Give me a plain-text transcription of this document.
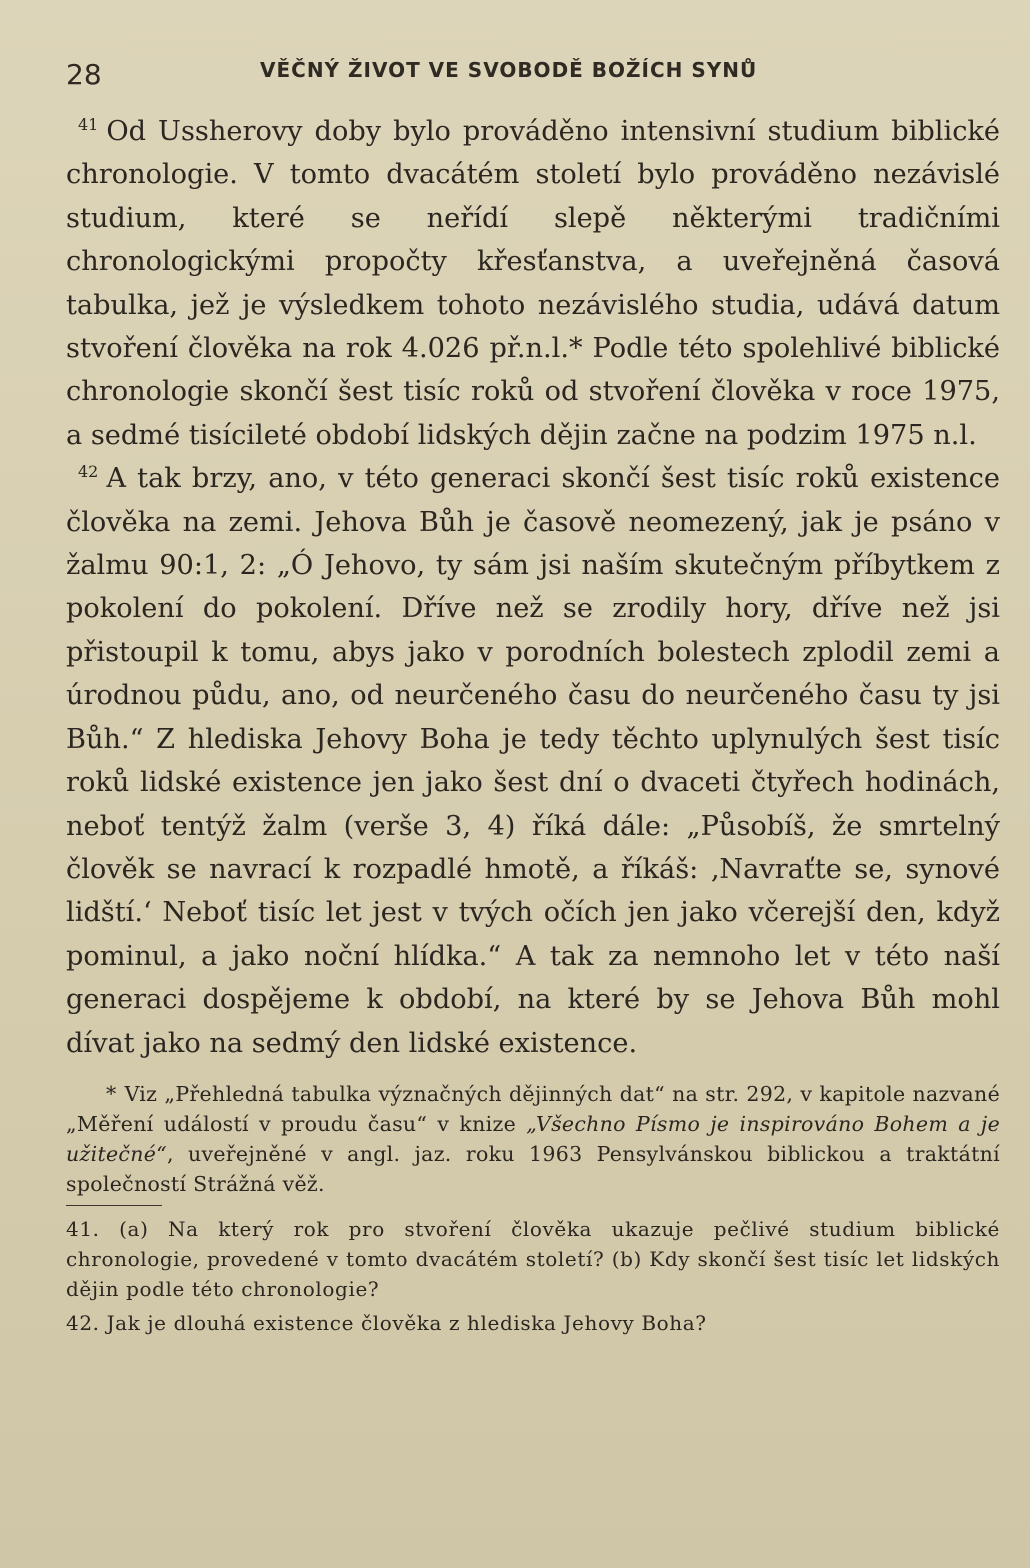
28	VĚČNÝ ŽIVOT VE SVOBODĚ BOŽÍCH SYNŮ

$^{41}$ Od Ussherovy doby bylo prováděno intensivní studium biblické chronologie. V tomto dvacátém století bylo prováděno nezávislé studium, které se neřídí slepě některými tradičními chronologickými propočty křesťanstva, a uveřejněná časová tabulka, jež je výsledkem tohoto nezávislého studia, udává datum stvoření člověka na rok 4.026 př.n.l.* Podle této spolehlivé biblické chronologie skončí šest tisíc roků od stvoření člověka v roce 1975, a sedmé tisícileté období lidských dějin začne na podzim 1975 n.l.

$^{42}$ A tak brzy, ano, v této generaci skončí šest tisíc roků existence člověka na zemi. Jehova Bůh je časově neomezený, jak je psáno v žalmu 90:1, 2: „Ó Jehovo, ty sám jsi naším skutečným příbytkem z pokolení do pokolení. Dříve než se zrodily hory, dříve než jsi přistoupil k tomu, abys jako v porodních bolestech zplodil zemi a úrodnou půdu, ano, od neurčeného času do neurčeného času ty jsi Bůh.“ Z hlediska Jehovy Boha je tedy těchto uplynulých šest tisíc roků lidské existence jen jako šest dní o dvaceti čtyřech hodinách, neboť tentýž žalm (verše 3, 4) říká dále: „Působíš, že smrtelný člověk se navrací k rozpadlé hmotě, a říkáš: ‚Navraťte se, synové lidští.‘ Neboť tisíc let jest v tvých očích jen jako včerejší den, když pominul, a jako noční hlídka.“ A tak za nemnoho let v této naší generaci dospějeme k období, na které by se Jehova Bůh mohl dívat jako na sedmý den lidské existence.

* Viz „Přehledná tabulka význačných dějinných dat“ na str. 292, v kapitole nazvané „Měření událostí v proudu času“ v knize „Všechno Písmo je inspirováno Bohem a je užitečné“, uveřejněné v angl. jaz. roku 1963 Pensylvánskou biblickou a traktátní společností Strážná věž.

41. (a) Na který rok pro stvoření člověka ukazuje pečlivé studium biblické chronologie, provedené v tomto dvacátém století? (b) Kdy skončí šest tisíc let lidských dějin podle této chronologie?

42. Jak je dlouhá existence člověka z hlediska Jehovy Boha?
